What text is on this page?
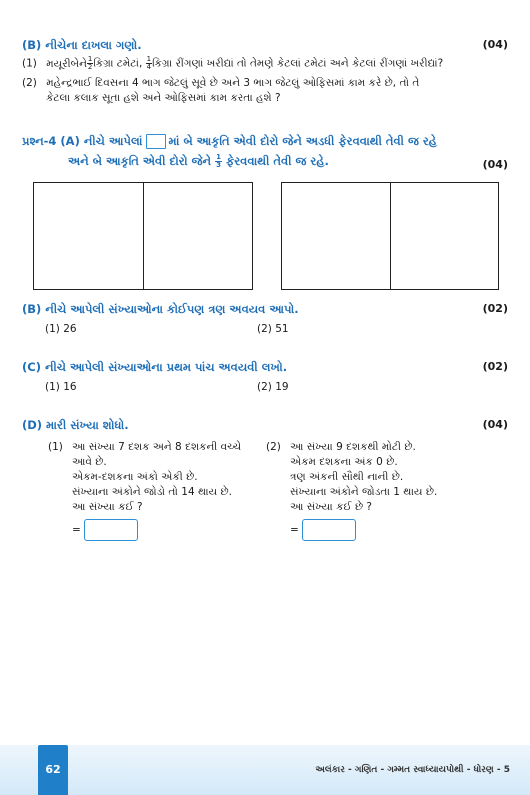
(B) નીચેના દાખલા ગણો.	(04)
(1) મયૂરીબેને $\frac{1}{2}$ કિગ્રા ટમેટાં, $\frac{1}{4}$ કિગ્રા રીંગણાં ખરીદ્યાં તો તેમણે કેટલાં ટમેટાં અને કેટલાં રીંગણાં ખરીદ્યાં?
(2) મહેન્દ્રભાઈ દિવસના 4 ભાગ જેટલું સૂવે છે અને 3 ભાગ જેટલું ઓફિસમાં કામ કરે છે, તો તે
કેટલા કલાક સૂતા હશે અને ઓફિસમાં કામ કરતા હશે ?
પ્રશ્ન-4 (A) નીચે આપેલાં માં બે આકૃતિ એવી દોરો જેને અડધી ફેરવવાથી તેવી જ રહે
અને બે આકૃતિ એવી દોરો જેને $\frac{1}{3}$ ફેરવવાથી તેવી જ રહે.	(04)
(B) નીચે આપેલી સંખ્યાઓના કોઈપણ ત્રણ અવયવ આપો.	(02)
(1) 26	(2) 51
(C) નીચે આપેલી સંખ્યાઓના પ્રથમ પાંચ અવયવી લખો.	(02)
(1) 16	(2) 19
(D) મારી સંખ્યા શોધો.	(04)
(1) આ સંખ્યા 7 દશક અને 8 દશકની વચ્ચે
આવે છે.
એકમ-દશકના અંકો એકી છે.
સંખ્યાના અંકોને જોડો તો 14 થાય છે.
આ સંખ્યા કઈ ?
=
(2) આ સંખ્યા 9 દશકથી મોટી છે.
એકમ દશકના અંક 0 છે.
ત્રણ અંકની સૌથી નાની છે.
સંખ્યાના અંકોને જોડતા 1 થાય છે.
આ સંખ્યા કઈ છે ?
=
62	અલંકાર - ગણિત - ગમ્મત સ્વાધ્યાયપોથી - ધોરણ - 5
